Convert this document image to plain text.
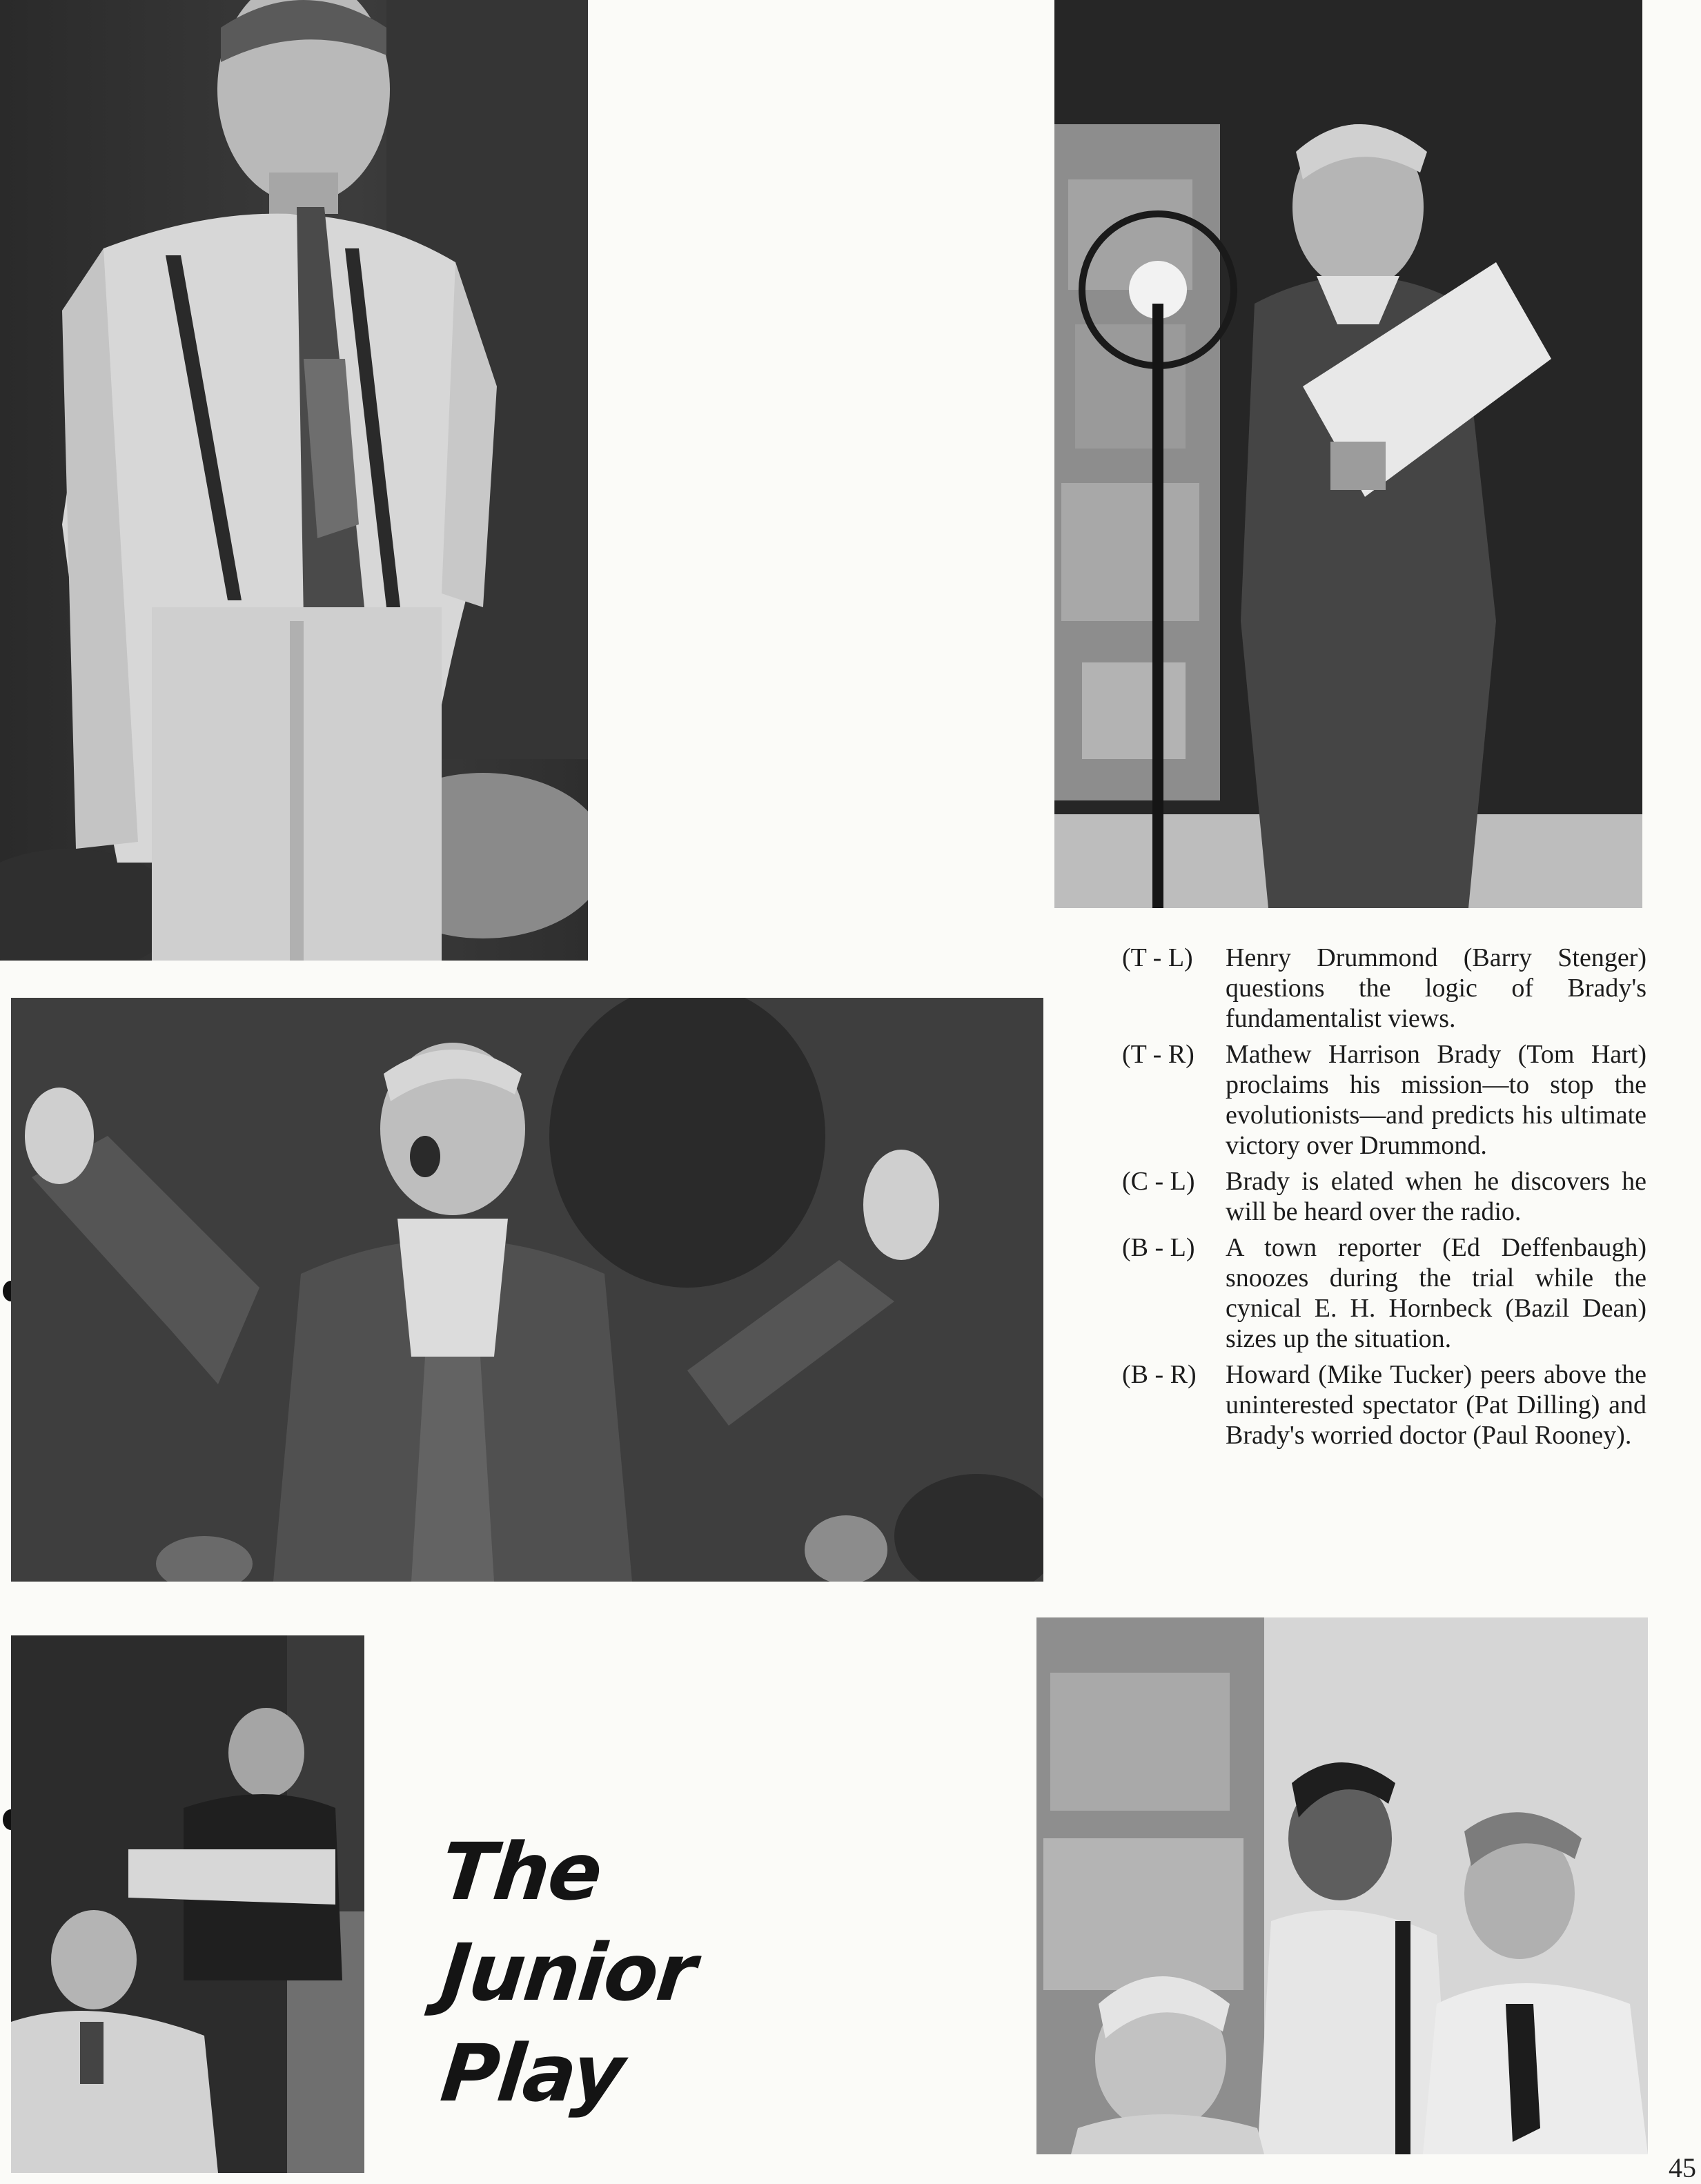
(T - L)	Henry Drummond (Barry Stenger) questions the logic of Brady's fundamentalist views.
(T - R)	Mathew Harrison Brady (Tom Hart) proclaims his mission—to stop the evolutionists—and predicts his ultimate victory over Drummond.
(C - L)	Brady is elated when he discovers he will be heard over the radio.
(B - L)	A town reporter (Ed Deffenbaugh) snoozes during the trial while the cynical E. H. Hornbeck (Bazil Dean) sizes up the situation.
(B - R)	Howard (Mike Tucker) peers above the uninterested spectator (Pat Dilling) and Brady's worried doctor (Paul Rooney).
The
Junior
Play
45
